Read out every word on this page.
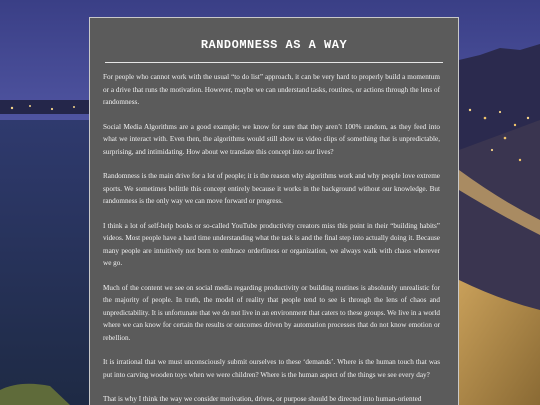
RANDOMNESS AS A WAY

For people who cannot work with the usual “to do list” approach, it can be very hard to properly build a momentum or a drive that runs the motivation. However, maybe we can understand tasks, routines, or actions through the lens of randomness.

Social Media Algorithms are a good example; we know for sure that they aren’t 100% random, as they feed into what we interact with. Even then, the algorithms would still show us video clips of something that is unpredictable, surprising, and intimidating. How about we translate this concept into our lives?

Randomness is the main drive for a lot of people; it is the reason why algorithms work and why people love extreme sports. We sometimes belittle this concept entirely because it works in the background without our knowledge. But randomness is the only way we can move forward or progress.

I think a lot of self-help books or so-called YouTube productivity creators miss this point in their “building habits” videos. Most people have a hard time understanding what the task is and the final step into actually doing it. Because many people are intuitively not born to embrace orderliness or organization, we always walk with chaos wherever we go.

Much of the content we see on social media regarding productivity or building routines is absolutely unrealistic for the majority of people. In truth, the model of reality that people tend to see is through the lens of chaos and unpredictability. It is unfortunate that we do not live in an environment that caters to these groups. We live in a world where we can know for certain the results or outcomes driven by automation processes that do not know emotion or rebellion.

It is irrational that we must unconsciously submit ourselves to these ‘demands’. Where is the human touch that was put into carving wooden toys when we were children? Where is the human aspect of the things we see every day?

That is why I think the way we consider motivation, drives, or purpose should be directed into human-oriented
